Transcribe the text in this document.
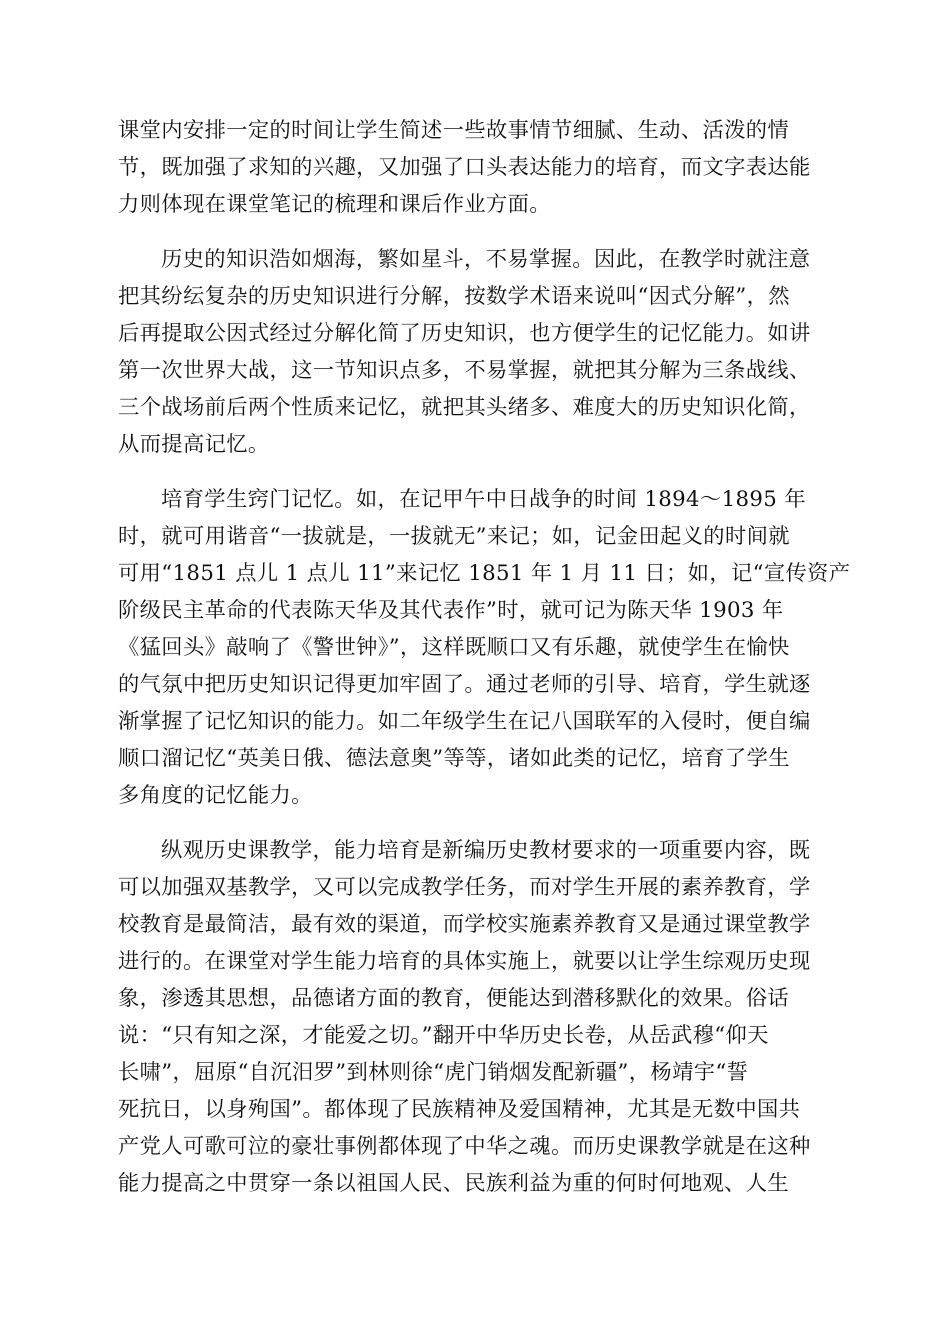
课堂内安排一定的时间让学生简述一些故事情节细腻、生动、活泼的情
节，既加强了求知的兴趣，又加强了口头表达能力的培育，而文字表达能
力则体现在课堂笔记的梳理和课后作业方面。
历史的知识浩如烟海，繁如星斗，不易掌握。因此，在教学时就注意
把其纷纭复杂的历史知识进行分解，按数学术语来说叫“因式分解”，然
后再提取公因式经过分解化简了历史知识，也方便学生的记忆能力。如讲
第一次世界大战，这一节知识点多，不易掌握，就把其分解为三条战线、
三个战场前后两个性质来记忆，就把其头绪多、难度大的历史知识化简，
从而提高记忆。
培育学生窍门记忆。如，在记甲午中日战争的时间 1894～1895 年
时，就可用谐音“一拔就是，一拔就无”来记；如，记金田起义的时间就
可用“1851 点儿 1 点儿 11”来记忆 1851 年 1 月 11 日；如，记“宣传资产
阶级民主革命的代表陈天华及其代表作”时，就可记为陈天华 1903 年
《猛回头》敲响了《警世钟》”，这样既顺口又有乐趣，就使学生在愉快
的气氛中把历史知识记得更加牢固了。通过老师的引导、培育，学生就逐
渐掌握了记忆知识的能力。如二年级学生在记八国联军的入侵时，便自编
顺口溜记忆“英美日俄、德法意奥”等等，诸如此类的记忆，培育了学生
多角度的记忆能力。
纵观历史课教学，能力培育是新编历史教材要求的一项重要内容，既
可以加强双基教学，又可以完成教学任务，而对学生开展的素养教育，学
校教育是最简洁，最有效的渠道，而学校实施素养教育又是通过课堂教学
进行的。在课堂对学生能力培育的具体实施上，就要以让学生综观历史现
象，渗透其思想，品德诸方面的教育，便能达到潜移默化的效果。俗话
说：“只有知之深，才能爱之切。”翻开中华历史长卷，从岳武穆“仰天
长啸”，屈原“自沉汨罗”到林则徐“虎门销烟发配新疆”，杨靖宇“誓
死抗日，以身殉国”。都体现了民族精神及爱国精神，尤其是无数中国共
产党人可歌可泣的豪壮事例都体现了中华之魂。而历史课教学就是在这种
能力提高之中贯穿一条以祖国人民、民族利益为重的何时何地观、人生
